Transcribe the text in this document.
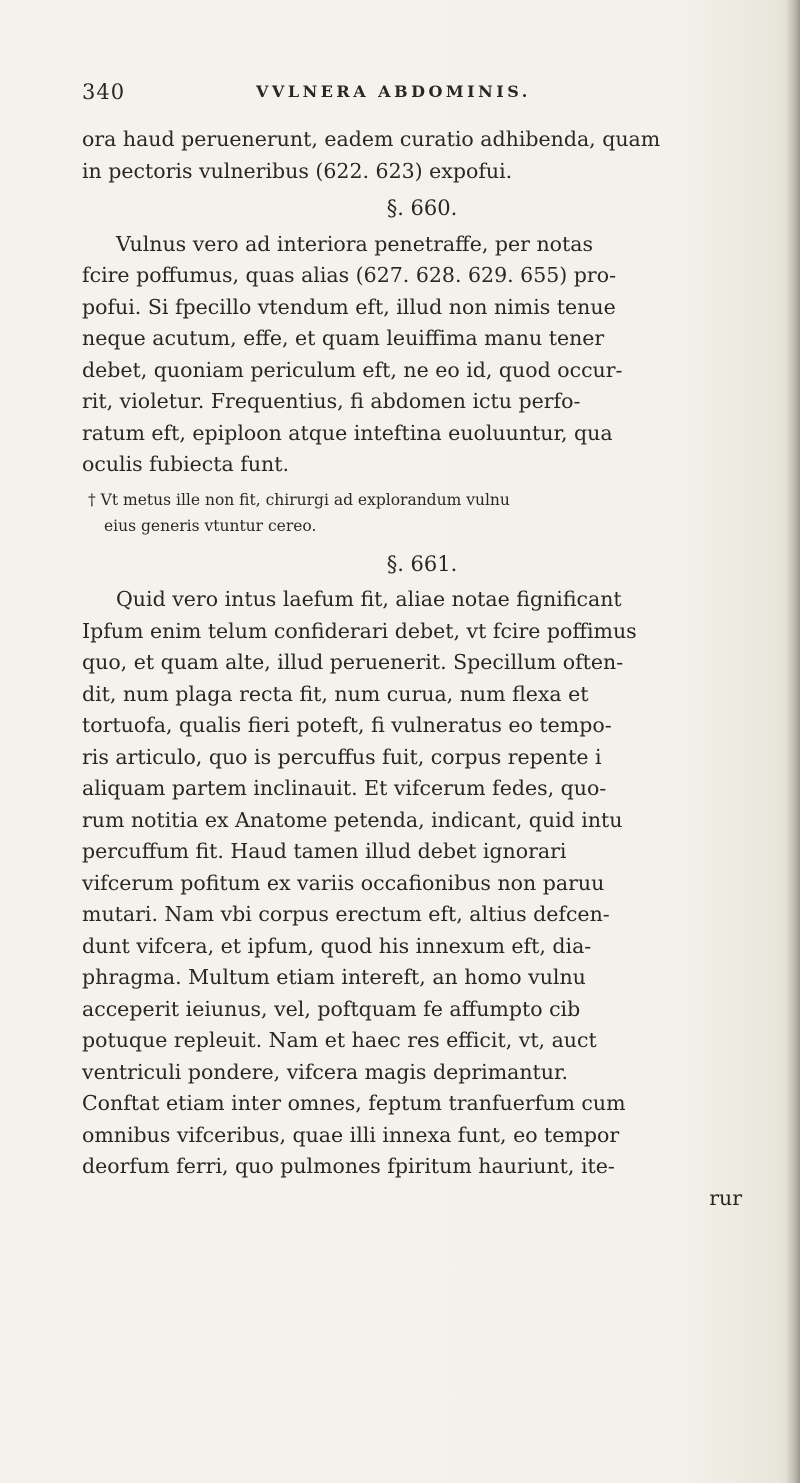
340	VVLNERA ABDOMINIS.
ora haud peruenerunt, eadem curatio adhibenda, quam
in pectoris vulneribus (622. 623) expofui.
§. 660.
Vulnus vero ad interiora penetraffe, per notas
fcire poffumus, quas alias (627. 628. 629. 655) pro-
pofui. Si fpecillo vtendum eft, illud non nimis tenue
neque acutum, effe, et quam leuiffima manu tener
debet, quoniam periculum eft, ne eo id, quod occur-
rit, violetur. Frequentius, fi abdomen ictu perfo-
ratum eft, epiploon atque inteftina euoluuntur, qua
oculis fubiecta funt.
† Vt metus ille non fit, chirurgi ad explorandum vulnu
eius generis vtuntur cereo.
§. 661.
Quid vero intus laefum fit, aliae notae fignificant
Ipfum enim telum confiderari debet, vt fcire poffimus
quo, et quam alte, illud peruenerit. Specillum often-
dit, num plaga recta fit, num curua, num flexa et
tortuofa, qualis fieri poteft, fi vulneratus eo tempo-
ris articulo, quo is percuffus fuit, corpus repente i
aliquam partem inclinauit. Et vifcerum fedes, quo-
rum notitia ex Anatome petenda, indicant, quid intu
percuffum fit. Haud tamen illud debet ignorari
vifcerum pofitum ex variis occafionibus non paruu
mutari. Nam vbi corpus erectum eft, altius defcen-
dunt vifcera, et ipfum, quod his innexum eft, dia-
phragma. Multum etiam intereft, an homo vulnu
acceperit ieiunus, vel, poftquam fe affumpto cib
potuque repleuit. Nam et haec res efficit, vt, auct
ventriculi pondere, vifcera magis deprimantur.
Conftat etiam inter omnes, feptum tranfuerfum cum
omnibus vifceribus, quae illi innexa funt, eo tempor
deorfum ferri, quo pulmones fpiritum hauriunt, ite-
rur
